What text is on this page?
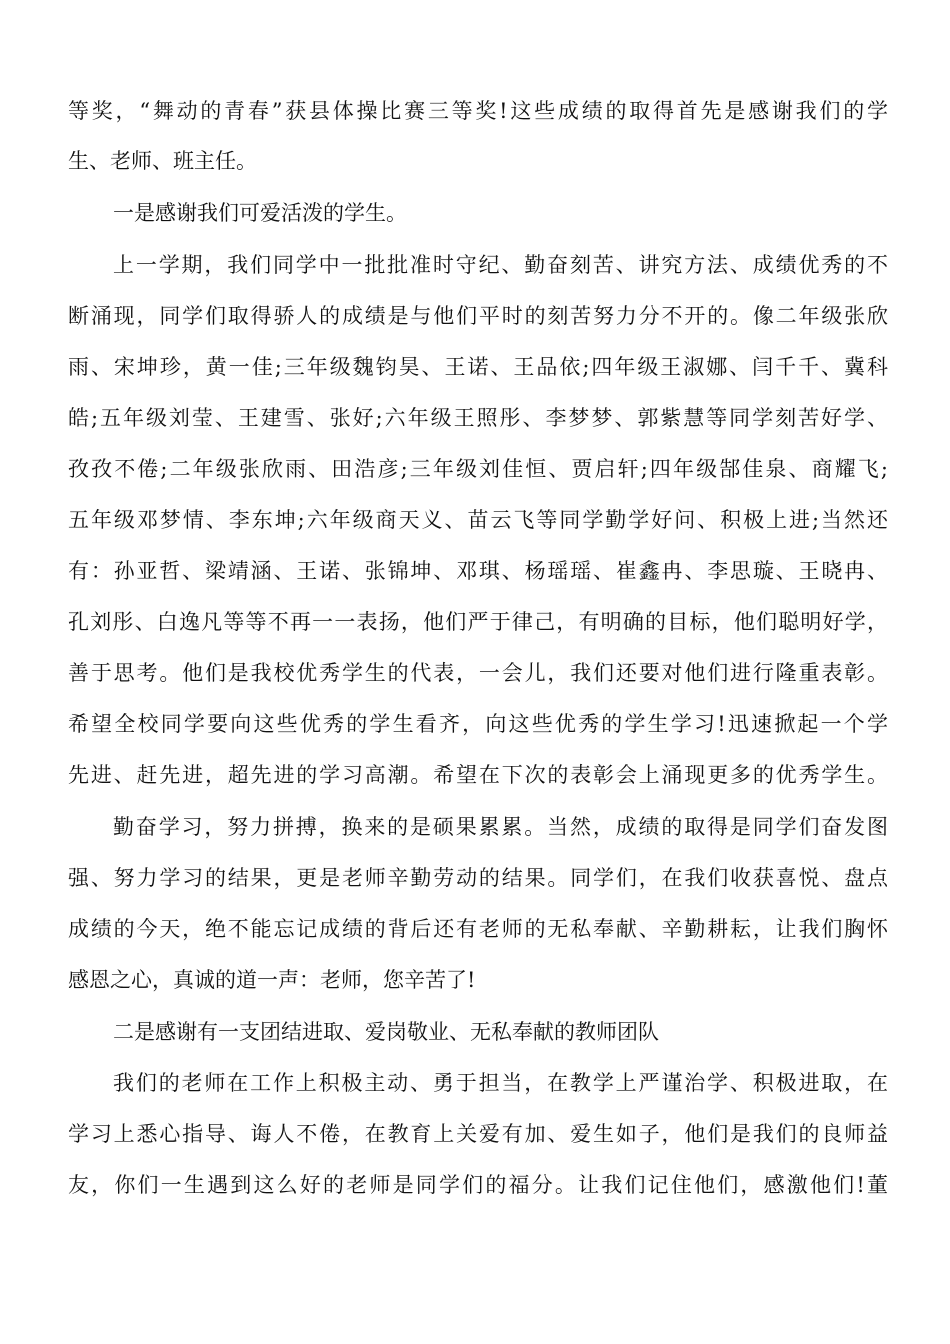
等奖，“舞动的青春”获县体操比赛三等奖!这些成绩的取得首先是感谢我们的学
生、老师、班主任。
一是感谢我们可爱活泼的学生。
上一学期，我们同学中一批批准时守纪、勤奋刻苦、讲究方法、成绩优秀的不
断涌现，同学们取得骄人的成绩是与他们平时的刻苦努力分不开的。像二年级张欣
雨、宋坤珍，黄一佳;三年级魏钧昊、王诺、王品依;四年级王淑娜、闫千千、冀科
皓;五年级刘莹、王建雪、张好;六年级王照彤、李梦梦、郭紫慧等同学刻苦好学、
孜孜不倦;二年级张欣雨、田浩彦;三年级刘佳恒、贾启轩;四年级郜佳泉、商耀飞;
五年级邓梦情、李东坤;六年级商天义、苗云飞等同学勤学好问、积极上进;当然还
有：孙亚哲、梁靖涵、王诺、张锦坤、邓琪、杨瑶瑶、崔鑫冉、李思璇、王晓冉、
孔刘彤、白逸凡等等不再一一表扬，他们严于律己，有明确的目标，他们聪明好学，
善于思考。他们是我校优秀学生的代表，一会儿，我们还要对他们进行隆重表彰。
希望全校同学要向这些优秀的学生看齐，向这些优秀的学生学习!迅速掀起一个学
先进、赶先进，超先进的学习高潮。希望在下次的表彰会上涌现更多的优秀学生。
勤奋学习，努力拼搏，换来的是硕果累累。当然，成绩的取得是同学们奋发图
强、努力学习的结果，更是老师辛勤劳动的结果。同学们，在我们收获喜悦、盘点
成绩的今天，绝不能忘记成绩的背后还有老师的无私奉献、辛勤耕耘，让我们胸怀
感恩之心，真诚的道一声：老师，您辛苦了!
二是感谢有一支团结进取、爱岗敬业、无私奉献的教师团队
我们的老师在工作上积极主动、勇于担当，在教学上严谨治学、积极进取，在
学习上悉心指导、诲人不倦，在教育上关爱有加、爱生如子，他们是我们的良师益
友，你们一生遇到这么好的老师是同学们的福分。让我们记住他们，感激他们!董
